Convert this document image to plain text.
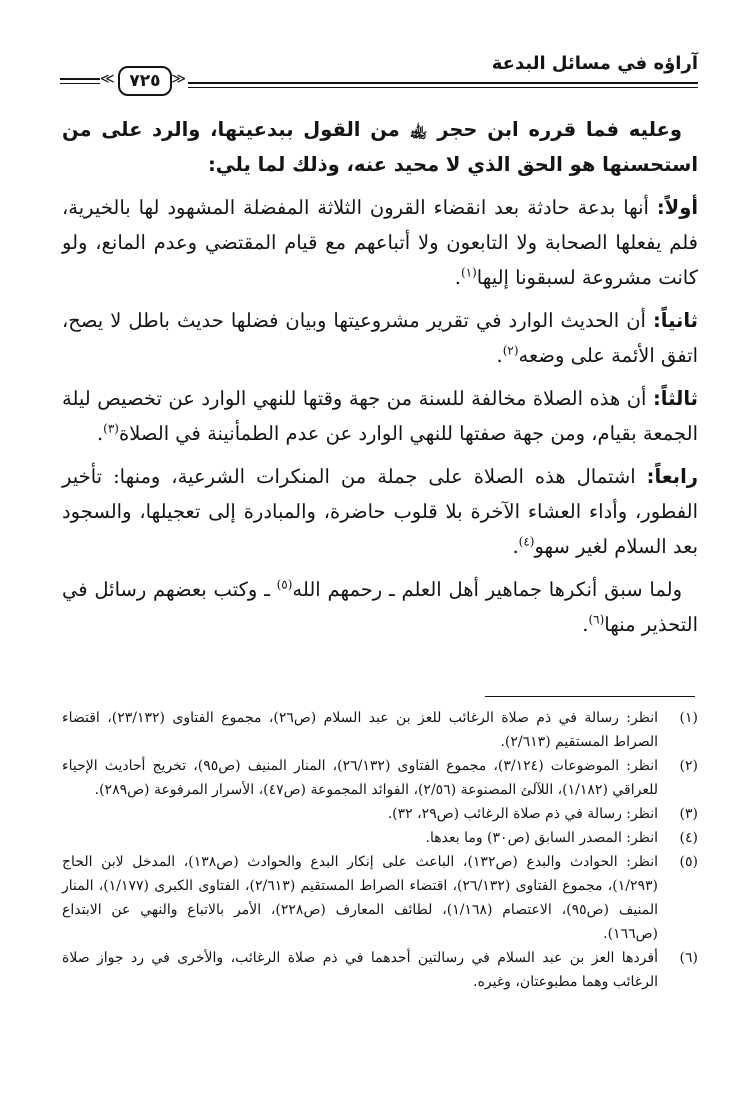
آراؤه في مسائل البدعة
≪ ٧٢٥ ≫

وعليه فما قرره ابن حجر ﵀ من القول ببدعيتها، والرد على من استحسنها هو الحق الذي لا محيد عنه، وذلك لما يلي:

أولاً: أنها بدعة حادثة بعد انقضاء القرون الثلاثة المفضلة المشهود لها بالخيرية، فلم يفعلها الصحابة ولا التابعون ولا أتباعهم مع قيام المقتضي وعدم المانع، ولو كانت مشروعة لسبقونا إليها$^{(١)}$.

ثانياً: أن الحديث الوارد في تقرير مشروعيتها وبيان فضلها حديث باطل لا يصح، اتفق الأئمة على وضعه$^{(٢)}$.

ثالثاً: أن هذه الصلاة مخالفة للسنة من جهة وقتها للنهي الوارد عن تخصيص ليلة الجمعة بقيام، ومن جهة صفتها للنهي الوارد عن عدم الطمأنينة في الصلاة$^{(٣)}$.

رابعاً: اشتمال هذه الصلاة على جملة من المنكرات الشرعية، ومنها: تأخير الفطور، وأداء العشاء الآخرة بلا قلوب حاضرة، والمبادرة إلى تعجيلها، والسجود بعد السلام لغير سهو$^{(٤)}$.

ولما سبق أنكرها جماهير أهل العلم ـ رحمهم الله$^{(٥)}$ ـ وكتب بعضهم رسائل في التحذير منها$^{(٦)}$.

(١)
انظر: رسالة في ذم صلاة الرغائب للعز بن عبد السلام (ص٢٦)، مجموع الفتاوى (٢٣/١٣٢)، اقتضاء الصراط المستقيم (٢/٦١٣).

(٢)
انظر: الموضوعات (٣/١٢٤)، مجموع الفتاوى (٢٦/١٣٢)، المنار المنيف (ص٩٥)، تخريج أحاديث الإحياء للعراقي (١/١٨٢)، اللآلئ المصنوعة (٢/٥٦)، الفوائد المجموعة (ص٤٧)، الأسرار المرفوعة (ص٢٨٩).

(٣)
انظر: رسالة في ذم صلاة الرغائب (ص٢٩، ٣٢).

(٤)
انظر: المصدر السابق (ص٣٠) وما بعدها.

(٥)
انظر: الحوادث والبدع (ص١٣٢)، الباعث على إنكار البدع والحوادث (ص١٣٨)، المدخل لابن الحاج (١/٢٩٣)، مجموع الفتاوى (٢٦/١٣٢)، اقتضاء الصراط المستقيم (٢/٦١٣)، الفتاوى الكبرى (١/١٧٧)، المنار المنيف (ص٩٥)، الاعتصام (١/١٦٨)، لطائف المعارف (ص٢٢٨)، الأمر بالاتباع والنهي عن الابتداع (ص١٦٦).

(٦)
أفردها العز بن عبد السلام في رسالتين أحدهما في ذم صلاة الرغائب، والأخرى في رد جواز صلاة الرغائب وهما مطبوعتان، وغيره.
